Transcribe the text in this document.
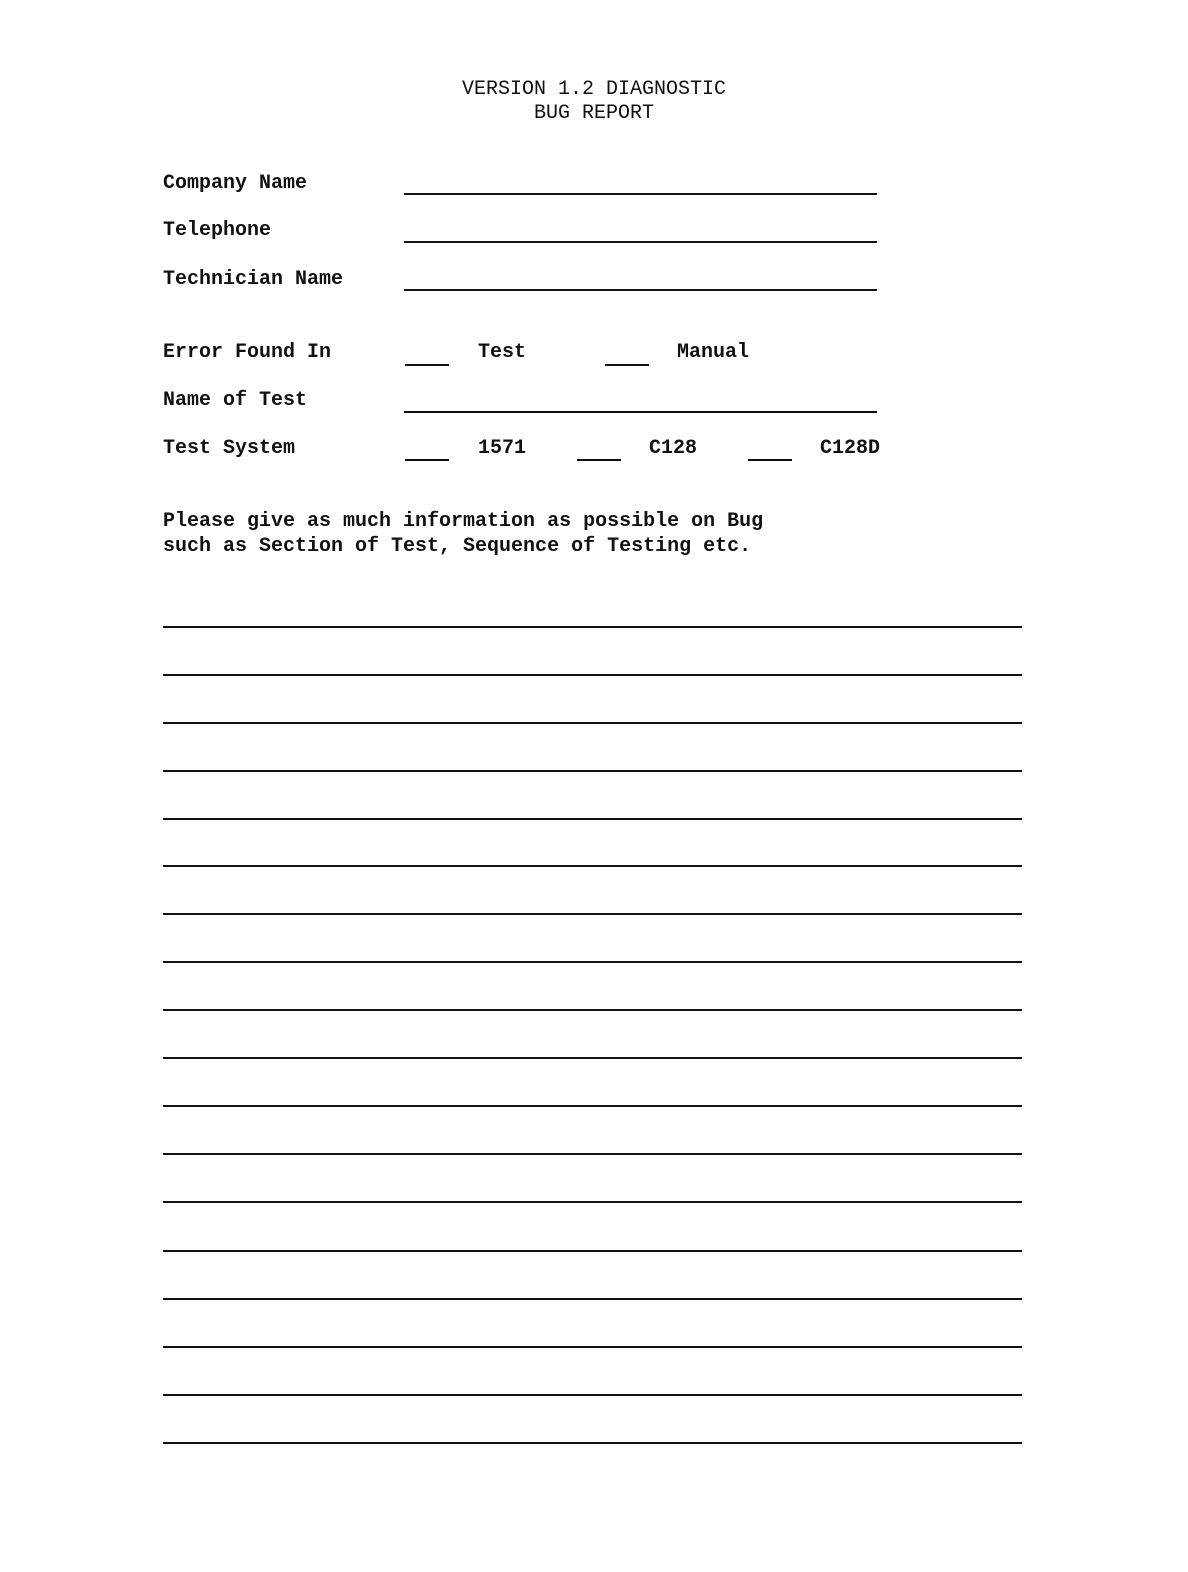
VERSION 1.2 DIAGNOSTIC
BUG REPORT
Company Name
Telephone
Technician Name
Error Found In	Test	Manual
Name of Test
Test System	1571	C128	C128D
Please give as much information as possible on Bug
such as Section of Test, Sequence of Testing etc.
